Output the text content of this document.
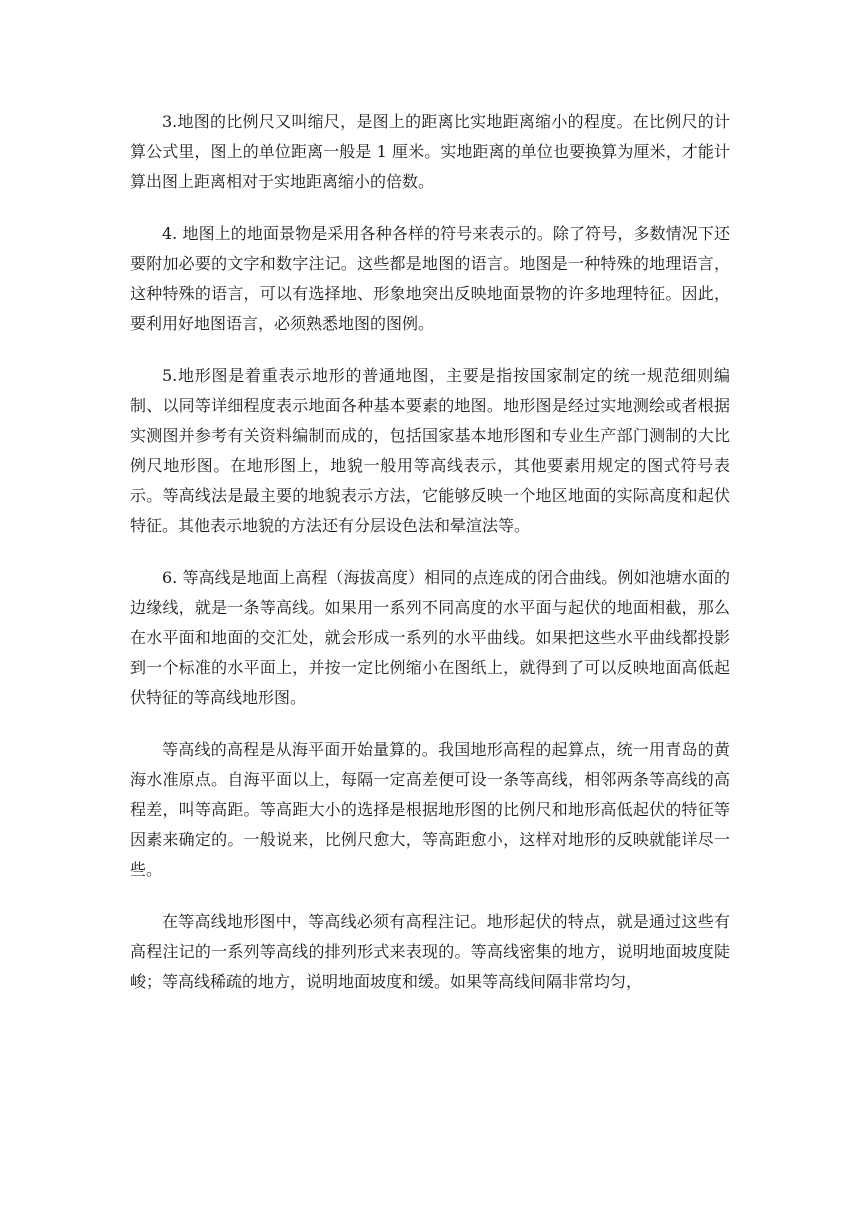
3.地图的比例尺又叫缩尺，是图上的距离比实地距离缩小的程度。在比例尺的计算公式里，图上的单位距离一般是 1 厘米。实地距离的单位也要换算为厘米，才能计算出图上距离相对于实地距离缩小的倍数。

4. 地图上的地面景物是采用各种各样的符号来表示的。除了符号，多数情况下还要附加必要的文字和数字注记。这些都是地图的语言。地图是一种特殊的地理语言，这种特殊的语言，可以有选择地、形象地突出反映地面景物的许多地理特征。因此，要利用好地图语言，必须熟悉地图的图例。

5.地形图是着重表示地形的普通地图，主要是指按国家制定的统一规范细则编制、以同等详细程度表示地面各种基本要素的地图。地形图是经过实地测绘或者根据实测图并参考有关资料编制而成的，包括国家基本地形图和专业生产部门测制的大比例尺地形图。在地形图上，地貌一般用等高线表示，其他要素用规定的图式符号表示。等高线法是最主要的地貌表示方法，它能够反映一个地区地面的实际高度和起伏特征。其他表示地貌的方法还有分层设色法和晕渲法等。

6. 等高线是地面上高程（海拔高度）相同的点连成的闭合曲线。例如池塘水面的边缘线，就是一条等高线。如果用一系列不同高度的水平面与起伏的地面相截，那么在水平面和地面的交汇处，就会形成一系列的水平曲线。如果把这些水平曲线都投影到一个标准的水平面上，并按一定比例缩小在图纸上，就得到了可以反映地面高低起伏特征的等高线地形图。

等高线的高程是从海平面开始量算的。我国地形高程的起算点，统一用青岛的黄海水准原点。自海平面以上，每隔一定高差便可设一条等高线，相邻两条等高线的高程差，叫等高距。等高距大小的选择是根据地形图的比例尺和地形高低起伏的特征等因素来确定的。一般说来，比例尺愈大，等高距愈小，这样对地形的反映就能详尽一些。

在等高线地形图中，等高线必须有高程注记。地形起伏的特点，就是通过这些有高程注记的一系列等高线的排列形式来表现的。等高线密集的地方，说明地面坡度陡峻；等高线稀疏的地方，说明地面坡度和缓。如果等高线间隔非常均匀，
